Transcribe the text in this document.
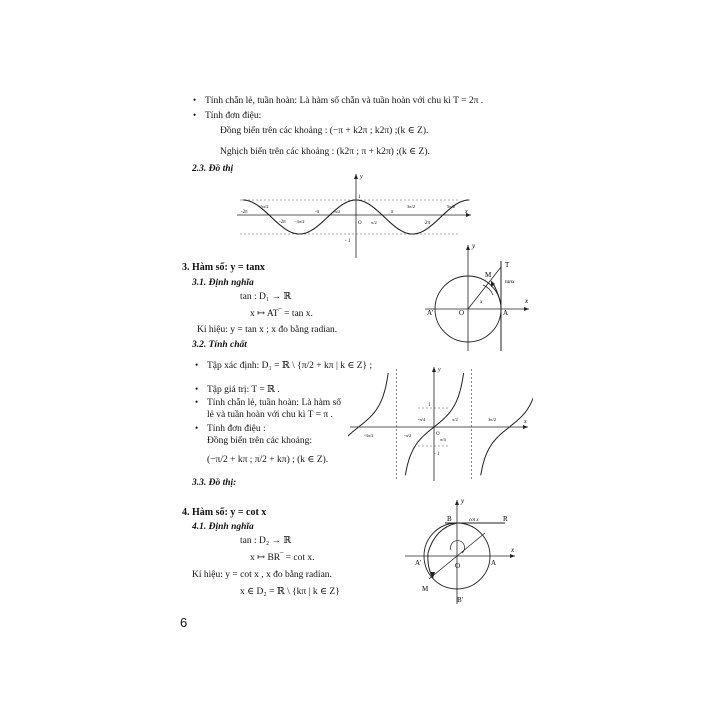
• Tính chẵn lẻ, tuần hoàn: Là hàm số chẵn và tuần hoàn với chu kì T = 2π .
• Tính đơn điệu:
Đồng biến trên các khoảng : (−π + k2π ; k2π) ;(k ∈ Z).
Nghịch biến trên các khoảng : (k2π ; π + k2π) ;(k ∈ Z).
2.3. Đồ thị
y
x
1
- 1
O
-2π
-5π/2
-2π -3π/2
-π	-π/2
π/2
π
3π/2
2π
5π/2
3. Hàm số: y = tanx
3.1. Định nghĩa
tan : D₁ → ℝ
x ↦ AT‾ = tan x.
Kí hiệu: y = tan x ; x đo bằng radian.
3.2. Tính chất
• Tập xác định: D₁ = ℝ \ {π/2 + kπ | k ∈ Z} ;
• Tập giá trị: T = ℝ .
• Tính chẵn lẻ, tuần hoàn: Là hàm số
lẻ và tuần hoàn với chu kì T = π .
• Tính đơn điệu :
Đồng biến trên các khoảng:
(−π/2 + kπ ; π/2 + kπ) ; (k ∈ Z).
3.3. Đồ thị:
y
x
M
T
tanx
A'	O	A
x
y
x
1
- 1
O
-3π/2	-π/2
-π/4
π/4
π/2	3π/2
4. Hàm số: y = cot x
4.1. Định nghĩa
tan : D₂ → ℝ
x ↦ BR‾ = cot x.
Kí hiệu: y = cot x , x đo bằng radian.
x ∈ D₂ = ℝ \ {kπ | k ∈ Z}
y
x
B	cot x	R
A'	O	A
M
B'
6
